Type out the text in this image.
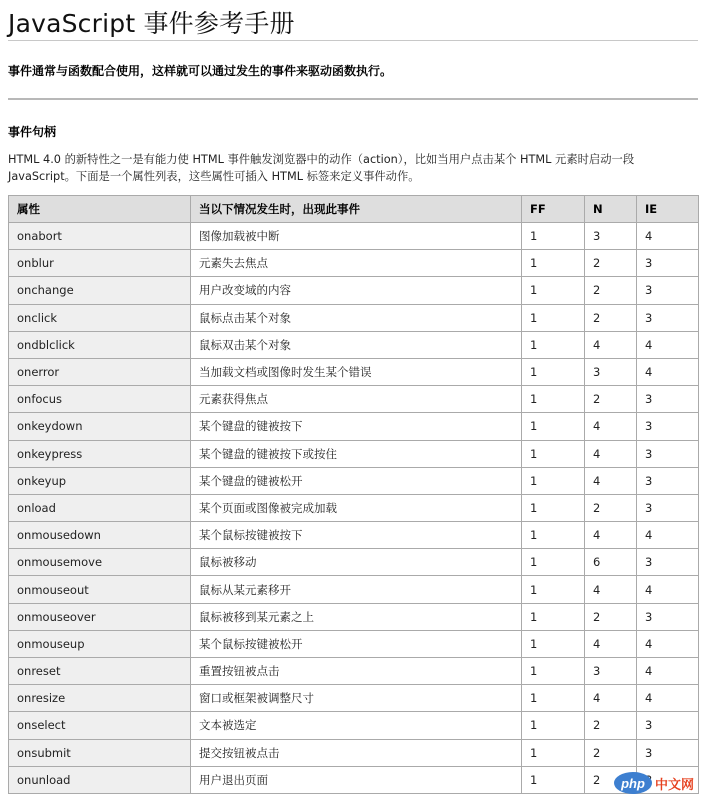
JavaScript 事件参考手册

事件通常与函数配合使用，这样就可以通过发生的事件来驱动函数执行。

事件句柄

HTML 4.0 的新特性之一是有能力使 HTML 事件触发浏览器中的动作（action），比如当用户点击某个 HTML 元素时启动一段 JavaScript。下面是一个属性列表，这些属性可插入 HTML 标签来定义事件动作。

属性	当以下情况发生时，出现此事件	FF	N	IE
onabort	图像加载被中断	1	3	4
onblur	元素失去焦点	1	2	3
onchange	用户改变域的内容	1	2	3
onclick	鼠标点击某个对象	1	2	3
ondblclick	鼠标双击某个对象	1	4	4
onerror	当加载文档或图像时发生某个错误	1	3	4
onfocus	元素获得焦点	1	2	3
onkeydown	某个键盘的键被按下	1	4	3
onkeypress	某个键盘的键被按下或按住	1	4	3
onkeyup	某个键盘的键被松开	1	4	3
onload	某个页面或图像被完成加载	1	2	3
onmousedown	某个鼠标按键被按下	1	4	4
onmousemove	鼠标被移动	1	6	3
onmouseout	鼠标从某元素移开	1	4	4
onmouseover	鼠标被移到某元素之上	1	2	3
onmouseup	某个鼠标按键被松开	1	4	4
onreset	重置按钮被点击	1	3	4
onresize	窗口或框架被调整尺寸	1	4	4
onselect	文本被选定	1	2	3
onsubmit	提交按钮被点击	1	2	3
onunload	用户退出页面	1	2		php 中文网
